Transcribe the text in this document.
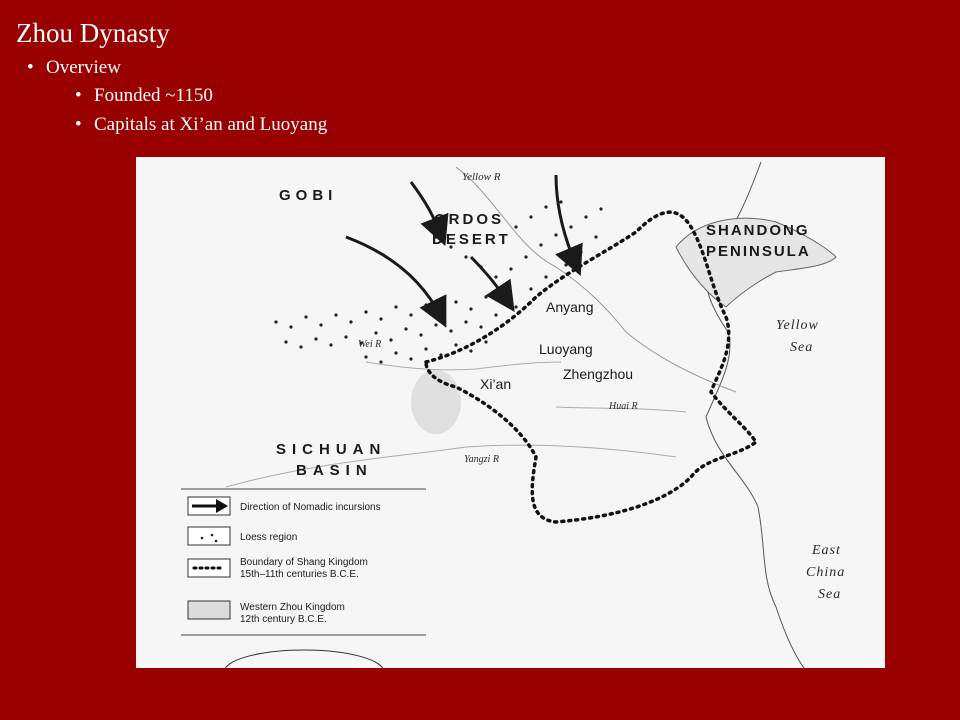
Zhou Dynasty
• Overview
• Founded ~1150
• Capitals at Xi’an and Luoyang
GOBI
ORDOS
DESERT
SHANDONG
PENINSULA
SICHUAN
BASIN
Anyang
Luoyang
Xi’an
Zhengzhou
Yellow R
Wei R
Huai R
Yangzi R
Yellow
Sea
East
China
Sea
Direction of Nomadic incursions
Loess region
Boundary of Shang Kingdom
15th–11th centuries B.C.E.
Western Zhou Kingdom
12th century B.C.E.
